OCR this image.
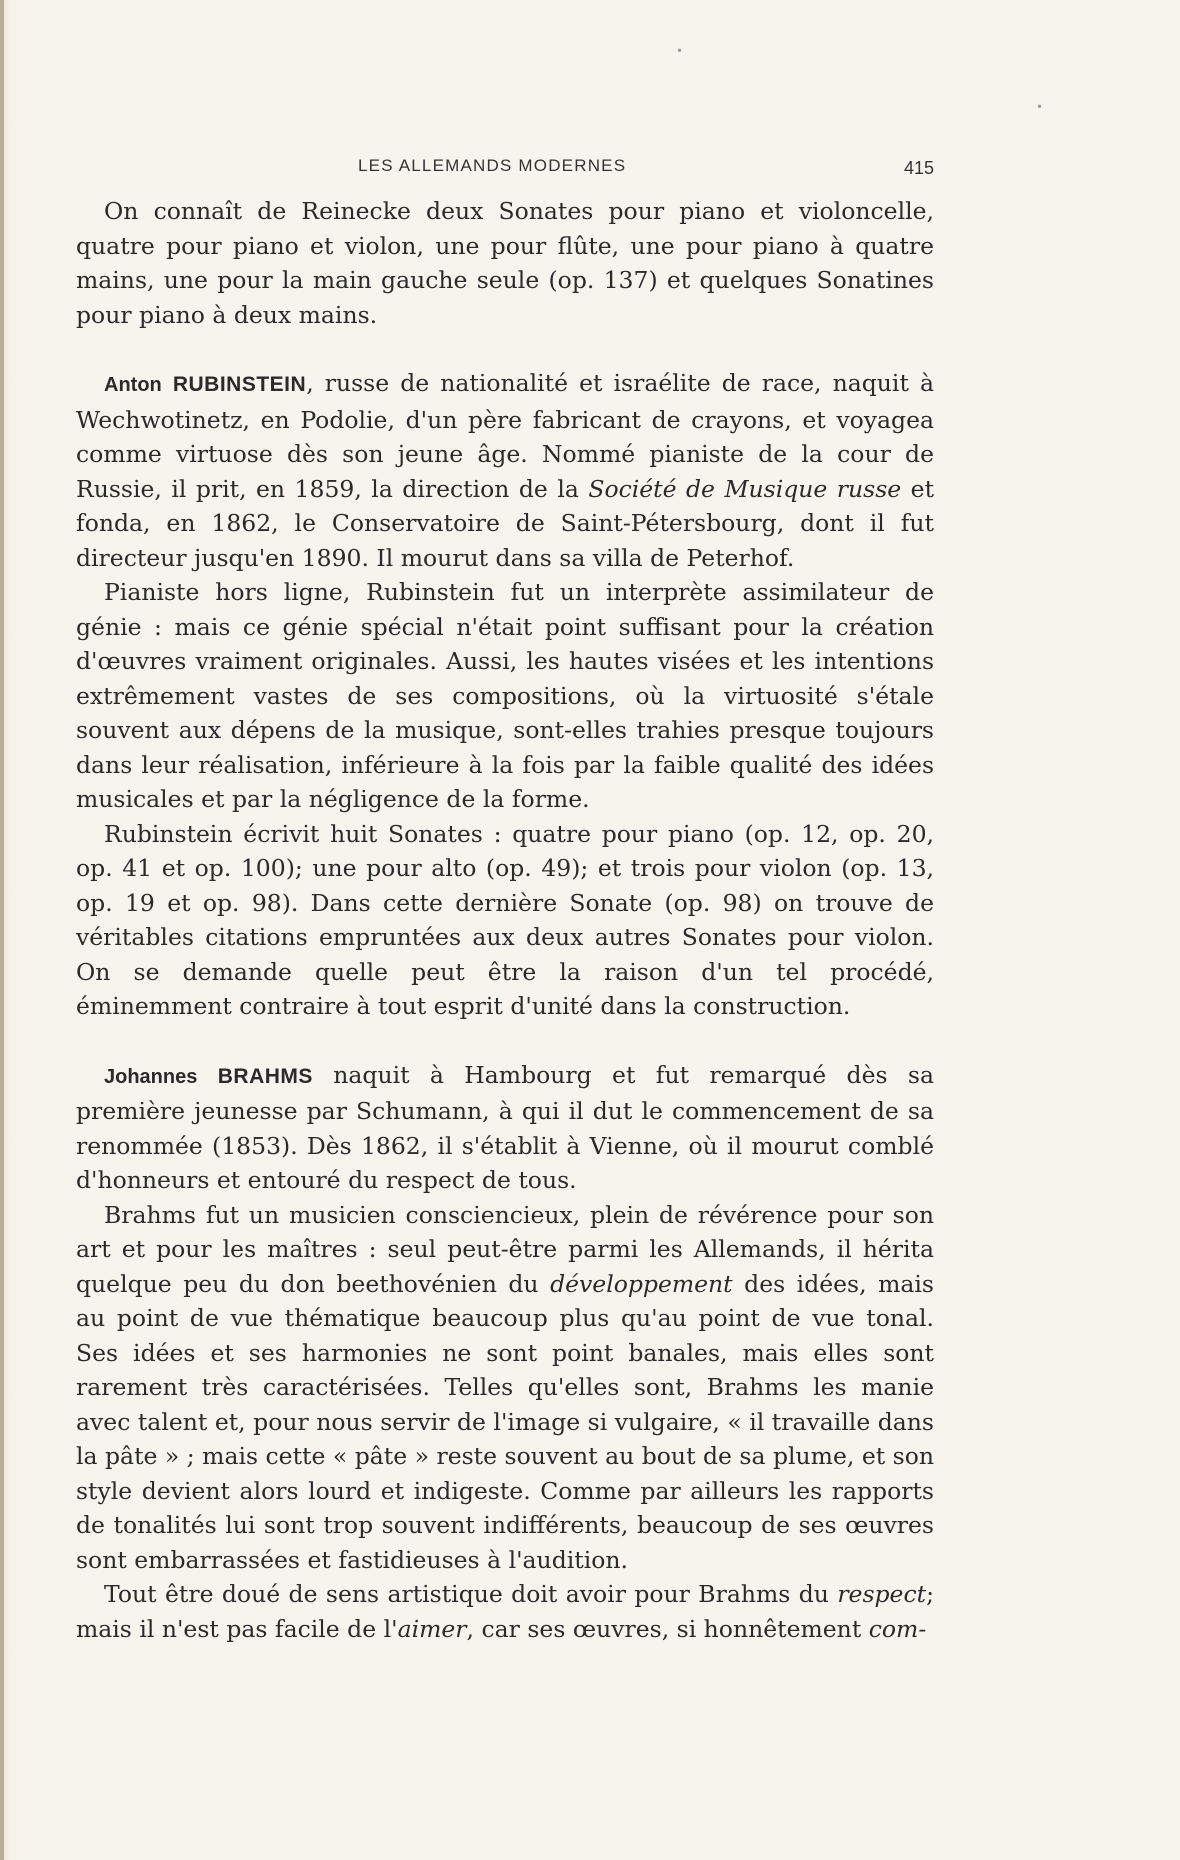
•
•
LES ALLEMANDS MODERNES	415

On connaît de Reinecke deux Sonates pour piano et violoncelle, quatre pour piano et violon, une pour flûte, une pour piano à quatre mains, une pour la main gauche seule (op. 137) et quelques Sonatines pour piano à deux mains.

Anton RUBINSTEIN, russe de nationalité et israélite de race, naquit à Wechwotinetz, en Podolie, d'un père fabricant de crayons, et voyagea comme virtuose dès son jeune âge. Nommé pianiste de la cour de Russie, il prit, en 1859, la direction de la Société de Musique russe et fonda, en 1862, le Conservatoire de Saint-Pétersbourg, dont il fut directeur jusqu'en 1890. Il mourut dans sa villa de Peterhof.

Pianiste hors ligne, Rubinstein fut un interprète assimilateur de génie : mais ce génie spécial n'était point suffisant pour la création d'œuvres vraiment originales. Aussi, les hautes visées et les intentions extrêmement vastes de ses compositions, où la virtuosité s'étale souvent aux dépens de la musique, sont-elles trahies presque toujours dans leur réalisation, inférieure à la fois par la faible qualité des idées musicales et par la négligence de la forme.

Rubinstein écrivit huit Sonates : quatre pour piano (op. 12, op. 20, op. 41 et op. 100); une pour alto (op. 49); et trois pour violon (op. 13, op. 19 et op. 98). Dans cette dernière Sonate (op. 98) on trouve de véritables citations empruntées aux deux autres Sonates pour violon. On se demande quelle peut être la raison d'un tel procédé, éminemment contraire à tout esprit d'unité dans la construction.

Johannes BRAHMS naquit à Hambourg et fut remarqué dès sa première jeunesse par Schumann, à qui il dut le commencement de sa renommée (1853). Dès 1862, il s'établit à Vienne, où il mourut comblé d'honneurs et entouré du respect de tous.

Brahms fut un musicien consciencieux, plein de révérence pour son art et pour les maîtres : seul peut-être parmi les Allemands, il hérita quelque peu du don beethovénien du développement des idées, mais au point de vue thématique beaucoup plus qu'au point de vue tonal. Ses idées et ses harmonies ne sont point banales, mais elles sont rarement très caractérisées. Telles qu'elles sont, Brahms les manie avec talent et, pour nous servir de l'image si vulgaire, « il travaille dans la pâte » ; mais cette « pâte » reste souvent au bout de sa plume, et son style devient alors lourd et indigeste. Comme par ailleurs les rapports de tonalités lui sont trop souvent indifférents, beaucoup de ses œuvres sont embarrassées et fastidieuses à l'audition.

Tout être doué de sens artistique doit avoir pour Brahms du respect; mais il n'est pas facile de l'aimer, car ses œuvres, si honnêtement com-
